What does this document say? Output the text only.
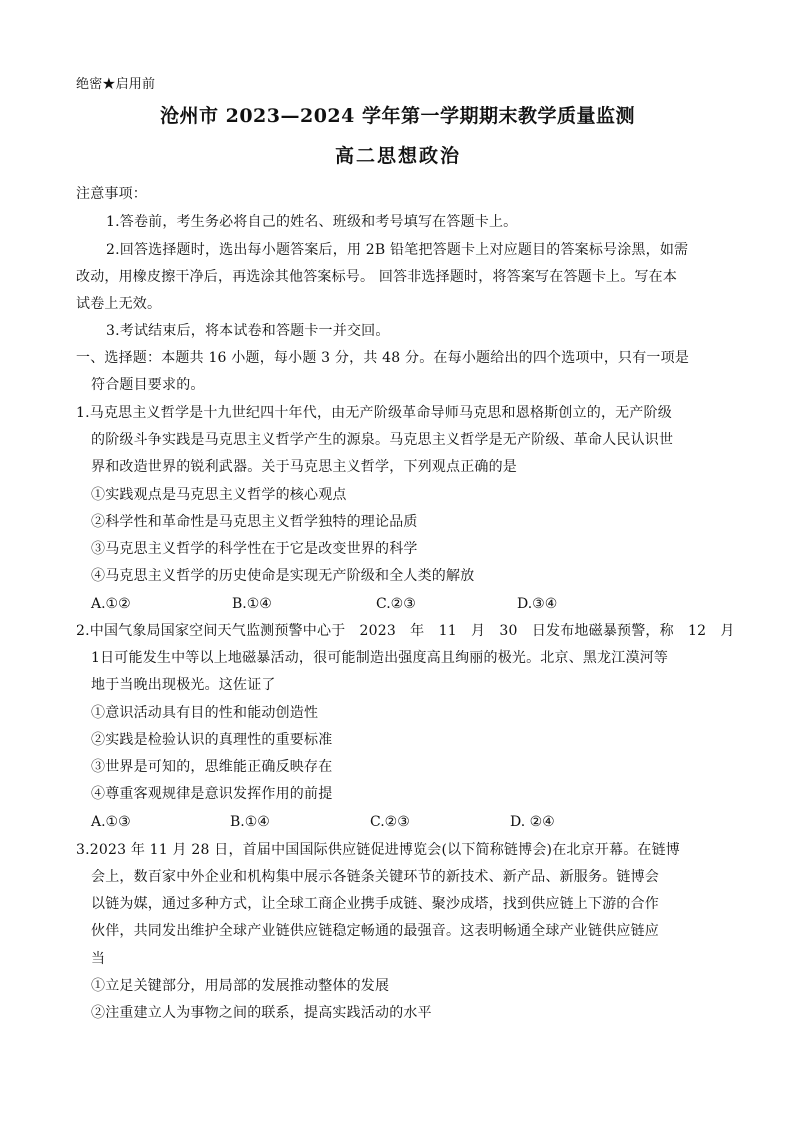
绝密★启用前
沧州市 2023—2024 学年第一学期期末教学质量监测
高二思想政治
注意事项：
1.答卷前，考生务必将自己的姓名、班级和考号填写在答题卡上。
2.回答选择题时，选出每小题答案后，用 2B 铅笔把答题卡上对应题目的答案标号涂黑，如需
改动，用橡皮擦干净后，再选涂其他答案标号。 回答非选择题时，将答案写在答题卡上。写在本
试卷上无效。
3.考试结束后，将本试卷和答题卡一并交回。
一、选择题：本题共 16 小题，每小题 3 分，共 48 分。在每小题给出的四个选项中，只有一项是
符合题目要求的。
1.马克思主义哲学是十九世纪四十年代，由无产阶级革命导师马克思和恩格斯创立的，无产阶级
的阶级斗争实践是马克思主义哲学产生的源泉。马克思主义哲学是无产阶级、革命人民认识世
界和改造世界的锐利武器。关于马克思主义哲学，下列观点正确的是
①实践观点是马克思主义哲学的核心观点
②科学性和革命性是马克思主义哲学独特的理论品质
③马克思主义哲学的科学性在于它是改变世界的科学
④马克思主义哲学的历史使命是实现无产阶级和全人类的解放
A.①②	B.①④	C.②③	D.③④
2.中国气象局国家空间天气监测预警中心于　2023　年　11　月　30　日发布地磁暴预警，称　12　月
1日可能发生中等以上地磁暴活动，很可能制造出强度高且绚丽的极光。北京、黑龙江漠河等
地于当晚出现极光。这佐证了
①意识活动具有目的性和能动创造性
②实践是检验认识的真理性的重要标准
③世界是可知的，思维能正确反映存在
④尊重客观规律是意识发挥作用的前提
A.①③	B.①④	C.②③	D. ②④
3.2023 年 11 月 28 日，首届中国国际供应链促进博览会(以下简称链博会)在北京开幕。在链博
会上，数百家中外企业和机构集中展示各链条关键环节的新技术、新产品、新服务。链博会
以链为媒，通过多种方式，让全球工商企业携手成链、聚沙成塔，找到供应链上下游的合作
伙伴，共同发出维护全球产业链供应链稳定畅通的最强音。这表明畅通全球产业链供应链应
当
①立足关键部分，用局部的发展推动整体的发展
②注重建立人为事物之间的联系，提高实践活动的水平
